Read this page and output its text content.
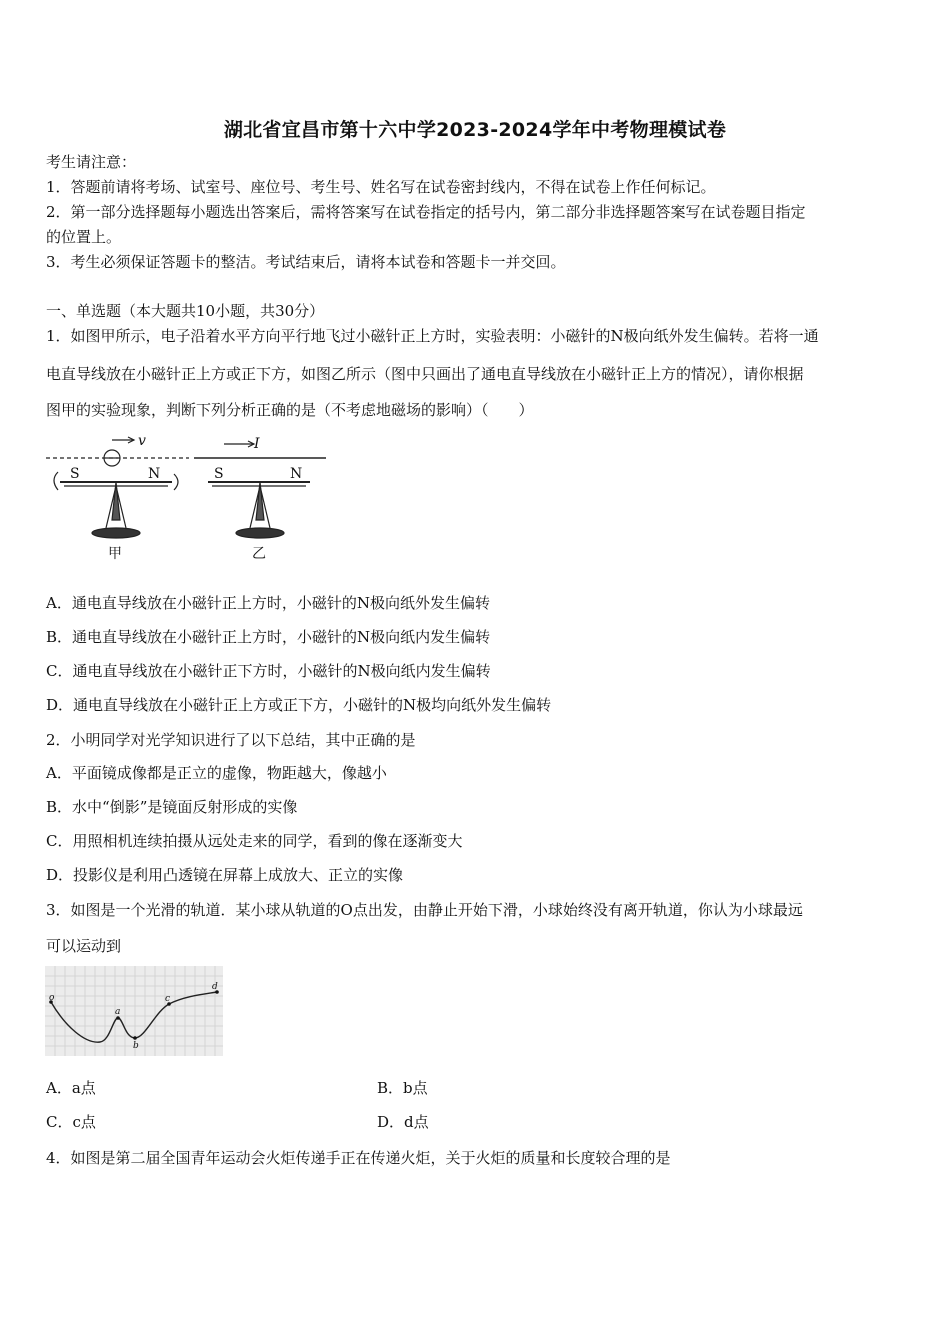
湖北省宜昌市第十六中学2023-2024学年中考物理模试卷
考生请注意：
1．答题前请将考场、试室号、座位号、考生号、姓名写在试卷密封线内，不得在试卷上作任何标记。
2．第一部分选择题每小题选出答案后，需将答案写在试卷指定的括号内，第二部分非选择题答案写在试卷题目指定
的位置上。
3．考生必须保证答题卡的整洁。考试结束后，请将本试卷和答题卡一并交回。
一、单选题（本大题共10小题，共30分）
1．如图甲所示，电子沿着水平方向平行地飞过小磁针正上方时，实验表明：小磁针的N极向纸外发生偏转。若将一通
电直导线放在小磁针正上方或正下方，如图乙所示（图中只画出了通电直导线放在小磁针正上方的情况），请你根据
图甲的实验现象，判断下列分析正确的是（不考虑地磁场的影响）（　　）
v	I
S	N	S	N
甲	乙
A．通电直导线放在小磁针正上方时，小磁针的N极向纸外发生偏转
B．通电直导线放在小磁针正上方时，小磁针的N极向纸内发生偏转
C．通电直导线放在小磁针正下方时，小磁针的N极向纸内发生偏转
D．通电直导线放在小磁针正上方或正下方，小磁针的N极均向纸外发生偏转
2．小明同学对光学知识进行了以下总结，其中正确的是
A．平面镜成像都是正立的虚像，物距越大，像越小
B．水中“倒影”是镜面反射形成的实像
C．用照相机连续拍摄从远处走来的同学，看到的像在逐渐变大
D．投影仪是利用凸透镜在屏幕上成放大、正立的实像
3．如图是一个光滑的轨道．某小球从轨道的O点出发，由静止开始下滑，小球始终没有离开轨道，你认为小球最远
可以运动到
o
a
b
c
d
A．a点	B．b点
C．c点	D．d点
4．如图是第二届全国青年运动会火炬传递手正在传递火炬，关于火炬的质量和长度较合理的是
